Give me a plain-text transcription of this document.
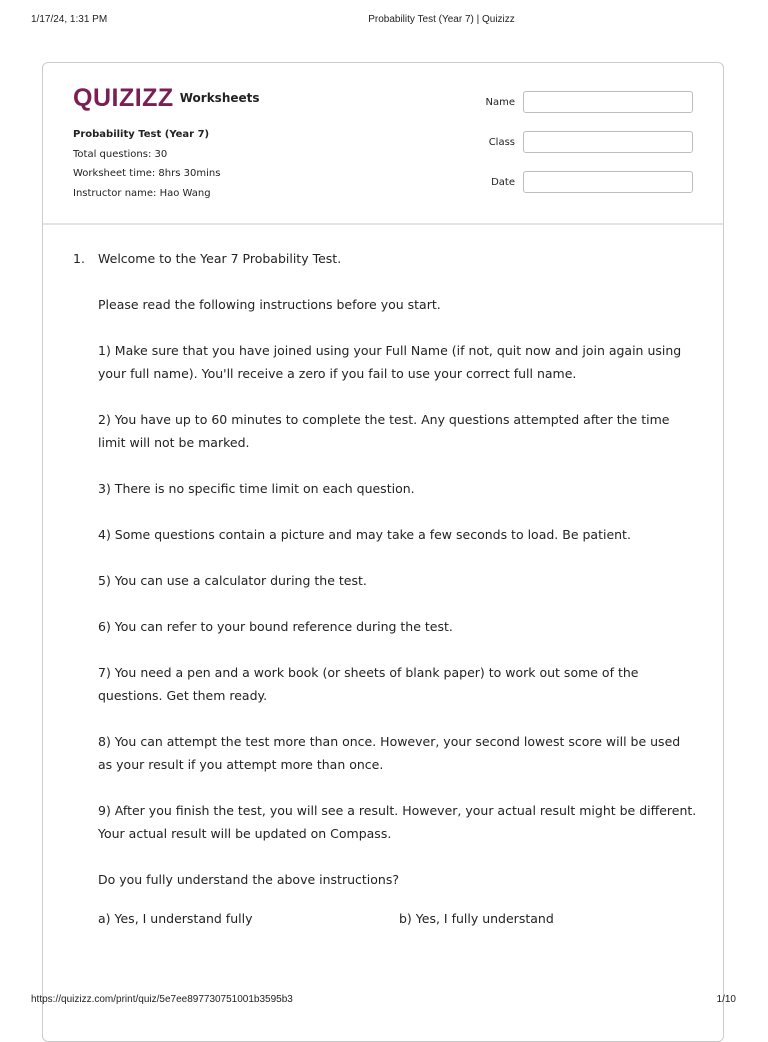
1/17/24, 1:31 PM	Probability Test (Year 7) | Quizizz
QUIZIZZ Worksheets
Probability Test (Year 7)
Total questions: 30
Worksheet time: 8hrs 30mins
Instructor name: Hao Wang
Name
Class
Date
1. Welcome to the Year 7 Probability Test.

Please read the following instructions before you start.

1) Make sure that you have joined using your Full Name (if not, quit now and join again using your full name). You'll receive a zero if you fail to use your correct full name.

2) You have up to 60 minutes to complete the test. Any questions attempted after the time limit will not be marked.

3) There is no specific time limit on each question.

4) Some questions contain a picture and may take a few seconds to load. Be patient.

5) You can use a calculator during the test.

6) You can refer to your bound reference during the test.

7) You need a pen and a work book (or sheets of blank paper) to work out some of the questions. Get them ready.

8) You can attempt the test more than once. However, your second lowest score will be used as your result if you attempt more than once.

9) After you finish the test, you will see a result. However, your actual result might be different. Your actual result will be updated on Compass.

Do you fully understand the above instructions?

a) Yes, I understand fully	b) Yes, I fully understand
https://quizizz.com/print/quiz/5e7ee897730751001b3595b3	1/10
